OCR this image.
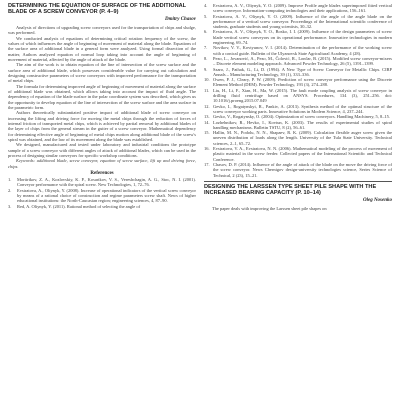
DETERMINING THE EQUATION OF SURFACE OF THE ADDITIONAL BLADE OF A SCREW CONVEYOR (P. 4–9)
Dmitry Chasov

Analysis of directions of upgrading screw conveyors used for the transportation of chips and sludge, was performed.

We conducted analysis of equations of determining critical rotation frequency of the screw, the values of which influences the angle of beginning of movement of material along the blade. Equations of the surface area of additional blade in a general form were analyzed. Using formal dissection of the matter, Authors analyzed equation of normal loop taking into account the angle of beginning of movement of material, affected by the angle of attack of the blade.

The aim of the work is to obtain equation of the line of intersection of the screw surface and the surface area of additional blade, which possesses considerable value for carrying out calculation and designing constructive parameters of screw conveyors with improved performance for the transportation of metal chips.

The formula for determining improved angle of beginning of movement of material along the surface of additional blade was obtained, which allows taking into account the impact of fluid angle. The dependency of equation of the blade surface in the polar coordinate system was described, which gives us the opportunity to develop equation of the line of intersection of the screw surface and the area surface in the parametric form.

Authors theoretically substantiated positive impact of additional blade of screw conveyor on increasing the lifting and driving force for moving the metal chips through the reduction of forces of internal friction of transported metal chips, which is achieved by partial removal by additional blades of the layer of chips from the general stream in the gutter of a screw conveyor. Mathematical dependency for determining effective angle of beginning of metal chips motion along additional blade of the screw's spiral was obtained, and the law of its movement along the blade was established.

We designed, manufactured and tested under laboratory and industrial conditions the prototype sample of a screw conveyor with different angles of attack of additional blades, which can be used in the process of designing similar conveyors for specific workshop conditions.

Keywords: additional blade, screw conveyor, equation of screw surface, lift up and driving force, chips.

References
1. Mortirikov, Z. A., Kozlovskiy, K. P., Kosarikov, V. S., Vereshchagin, A. G., Stoc, N. I. (2001). Conveyor performance with the spiral screw. New Technologies, 1, 72–76.
2. Evstratova, A., Oliynyk, Y. (2008). Increase of operational indicators of the vertical screw conveyor by means of a rational choice of construction and regime parameters screw shaft. News of higher educational institutions: the North-Caucasian region; engineering sciences, 4, 87–90.
3. Red, A. Oliynyk, Y. (2011). Rational method of selecting the angle of
4. Evstratova, A. V., Oliynyk, Y. O. (2009). Improve Profile angle blades superimposed fitted vertical screw conveyor. Information-computing technologies and their applications, 156–161.
5. Evstratova, A. V., Oliynyk, Y. O. (2009). Influence of the angle of the angle blade on the performance of a vertical screw conveyor. Proceedings of the International scientific conference of students, graduate students and young scientists, 30–32.
6. Evstratova, A. V., Oliynyk, Y. O., Bosko, I. I. (2009). Influence of the design parameters of screw blade vertical screw conveyors on its operational performance. Innovative technologies in modern engineering, 69–74.
7. Novikov, V. V., Kovtyunov, V. I. (2014). Determination of the performance of the working screw with a conical guide. Bulletin of the Ulyanovsk State Agricultural Academy, 4 (28).
8. Pezo, L., Jovanović, A., Pezo, M., Čolović, R., Lončar, B. (2015). Modified screw conveyor-mixers – Discrete element modeling approach. Advanced Powder Technology, 26 (5), 1391–1399.
9. Szaro, J., Pathak, G., Li, D. (1994). A New Type of Screw Conveyor for Metallic Chips. CIRP Annals – Manufacturing Technology, 39 (1), 333–336.
10. Owen, P. J., Cleary, P. W. (2009). Prediction of screw conveyor performance using the Discrete Element Method (DEM). Powder Technology, 193 (3), 274–288.
11. Liu, H., Li, F., Xian, H., Ma, W. (2015). The fault mode coupling analysis of screw conveyor in drilling fluid centrifuge based on ANSYS. Procedures, 134 (3), 251–256. doi: 10.1016/j.proeng.2015.07.049
12. Gevko, I., Rogatynskyi, R., Pankiv, A. (2013). Synthesis method of the optimal structure of the screw conveyor working parts. Innovative Solutions in Modern Science, 4, 237–244.
13. Gevko, V., Rogatynsky, O. (2004). Optimization of screw conveyors. Handling Machinery, 5, 8–15.
14. Lozhehnikov, R., Hevko, I., Kovtun, K. (2003). The results of experimental studies of spiral handling mechanisms. Bulletin TSTU, 8 (2), 56–61.
15. Hallin, M. N., Podolu, N. N., Shapaev, R. K. (2009). Calculation flexible auger screw given the uneven distribution of loads along the length. University of the Tula State University. Technical sciences, 2–1, 65–72.
16. Evstratova, V. A., Evstratova, N. N. (2006). Mathematical modeling of the process of movement of plastic material in the screw feeder. Collected papers of the International Scientific and Technical Conference.
17. Chasov, D. P. (2014). Influence of the angle of attack of the blade on the move the driving force of the screw conveyor. News Chernigov design-university technologies science, Series Science of Technical, 2 (23), 15–21.
DESIGNING THE LARSSEN TYPE SHEET PILE SHAPE WITH THE INCREASED BEARING CAPACITY (P. 10–14)
Oleg Nosenko

The paper deals with improving the Larssen sheet pile shapes on
